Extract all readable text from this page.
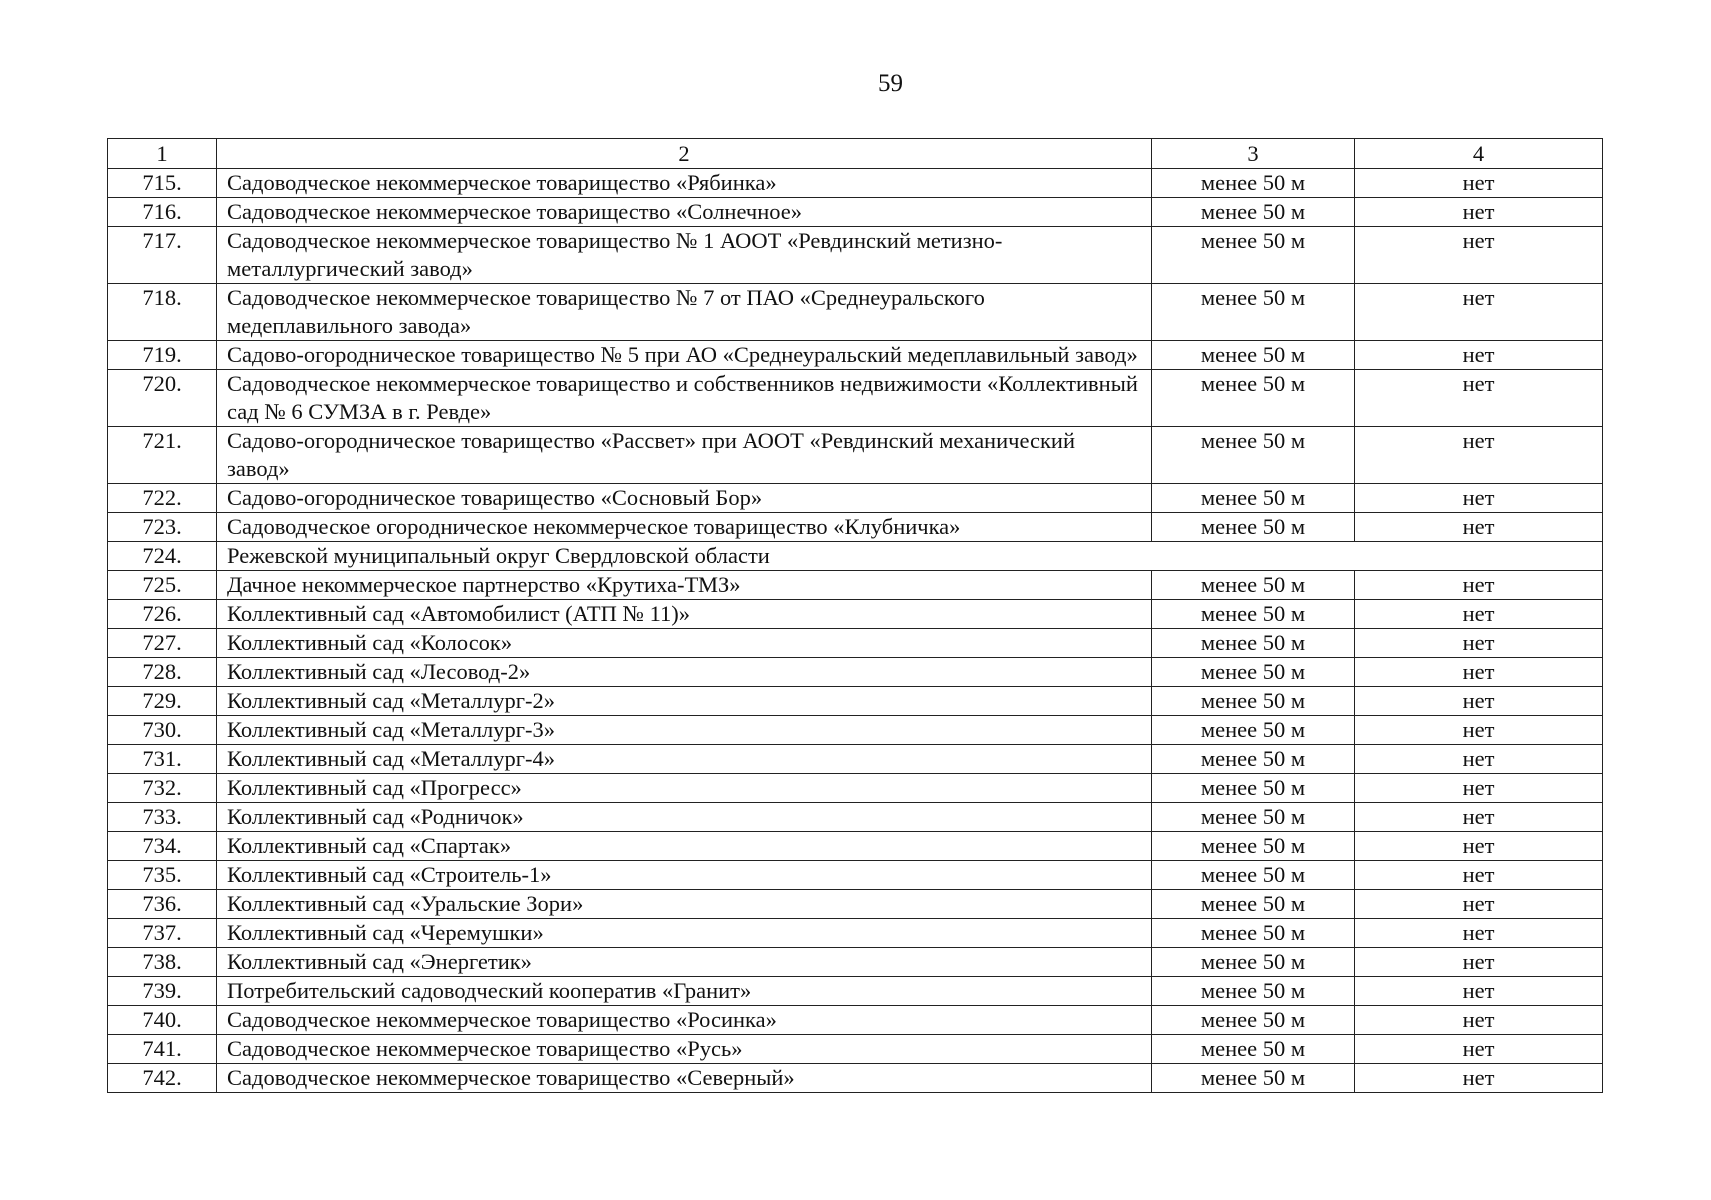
59
1	2	3	4
715.	Садоводческое некоммерческое товарищество «Рябинка»	менее 50 м	нет
716.	Садоводческое некоммерческое товарищество «Солнечное»	менее 50 м	нет
717.	Садоводческое некоммерческое товарищество № 1 АООТ «Ревдинский метизно-металлургический завод»	менее 50 м	нет
718.	Садоводческое некоммерческое товарищество № 7 от ПАО «Среднеуральского медеплавильного завода»	менее 50 м	нет
719.	Садово-огородническое товарищество № 5 при АО «Среднеуральский медеплавильный завод»	менее 50 м	нет
720.	Садоводческое некоммерческое товарищество и собственников недвижимости «Коллективный сад № 6 СУМЗА в г. Ревде»	менее 50 м	нет
721.	Садово-огородническое товарищество «Рассвет» при АООТ «Ревдинский механический завод»	менее 50 м	нет
722.	Садово-огородническое товарищество «Сосновый Бор»	менее 50 м	нет
723.	Садоводческое огородническое некоммерческое товарищество «Клубничка»	менее 50 м	нет
724.	Режевской муниципальный округ Свердловской области		
725.	Дачное некоммерческое партнерство «Крутиха-ТМЗ»	менее 50 м	нет
726.	Коллективный сад «Автомобилист (АТП № 11)»	менее 50 м	нет
727.	Коллективный сад «Колосок»	менее 50 м	нет
728.	Коллективный сад «Лесовод-2»	менее 50 м	нет
729.	Коллективный сад «Металлург-2»	менее 50 м	нет
730.	Коллективный сад «Металлург-3»	менее 50 м	нет
731.	Коллективный сад «Металлург-4»	менее 50 м	нет
732.	Коллективный сад «Прогресс»	менее 50 м	нет
733.	Коллективный сад «Родничок»	менее 50 м	нет
734.	Коллективный сад «Спартак»	менее 50 м	нет
735.	Коллективный сад «Строитель-1»	менее 50 м	нет
736.	Коллективный сад «Уральские Зори»	менее 50 м	нет
737.	Коллективный сад «Черемушки»	менее 50 м	нет
738.	Коллективный сад «Энергетик»	менее 50 м	нет
739.	Потребительский садоводческий кооператив «Гранит»	менее 50 м	нет
740.	Садоводческое некоммерческое товарищество «Росинка»	менее 50 м	нет
741.	Садоводческое некоммерческое товарищество «Русь»	менее 50 м	нет
742.	Садоводческое некоммерческое товарищество «Северный»	менее 50 м	нет
